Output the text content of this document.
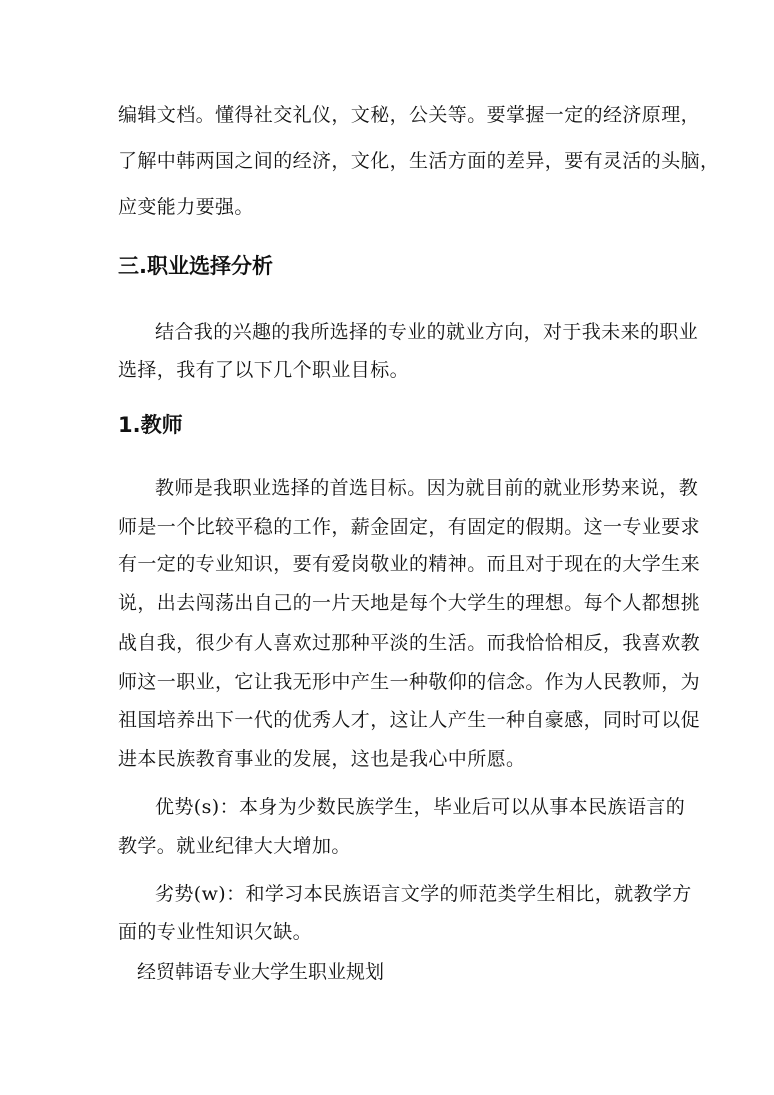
编辑文档。懂得社交礼仪，文秘，公关等。要掌握一定的经济原理，
了解中韩两国之间的经济，文化，生活方面的差异，要有灵活的头脑，
应变能力要强。
三.职业选择分析
结合我的兴趣的我所选择的专业的就业方向，对于我未来的职业
选择，我有了以下几个职业目标。
1.教师
教师是我职业选择的首选目标。因为就目前的就业形势来说，教
师是一个比较平稳的工作，薪金固定，有固定的假期。这一专业要求
有一定的专业知识，要有爱岗敬业的精神。而且对于现在的大学生来
说，出去闯荡出自己的一片天地是每个大学生的理想。每个人都想挑
战自我，很少有人喜欢过那种平淡的生活。而我恰恰相反，我喜欢教
师这一职业，它让我无形中产生一种敬仰的信念。作为人民教师，为
祖国培养出下一代的优秀人才，这让人产生一种自豪感，同时可以促
进本民族教育事业的发展，这也是我心中所愿。
优势(s)：本身为少数民族学生，毕业后可以从事本民族语言的
教学。就业纪律大大增加。
劣势(w)：和学习本民族语言文学的师范类学生相比，就教学方
面的专业性知识欠缺。
经贸韩语专业大学生职业规划
